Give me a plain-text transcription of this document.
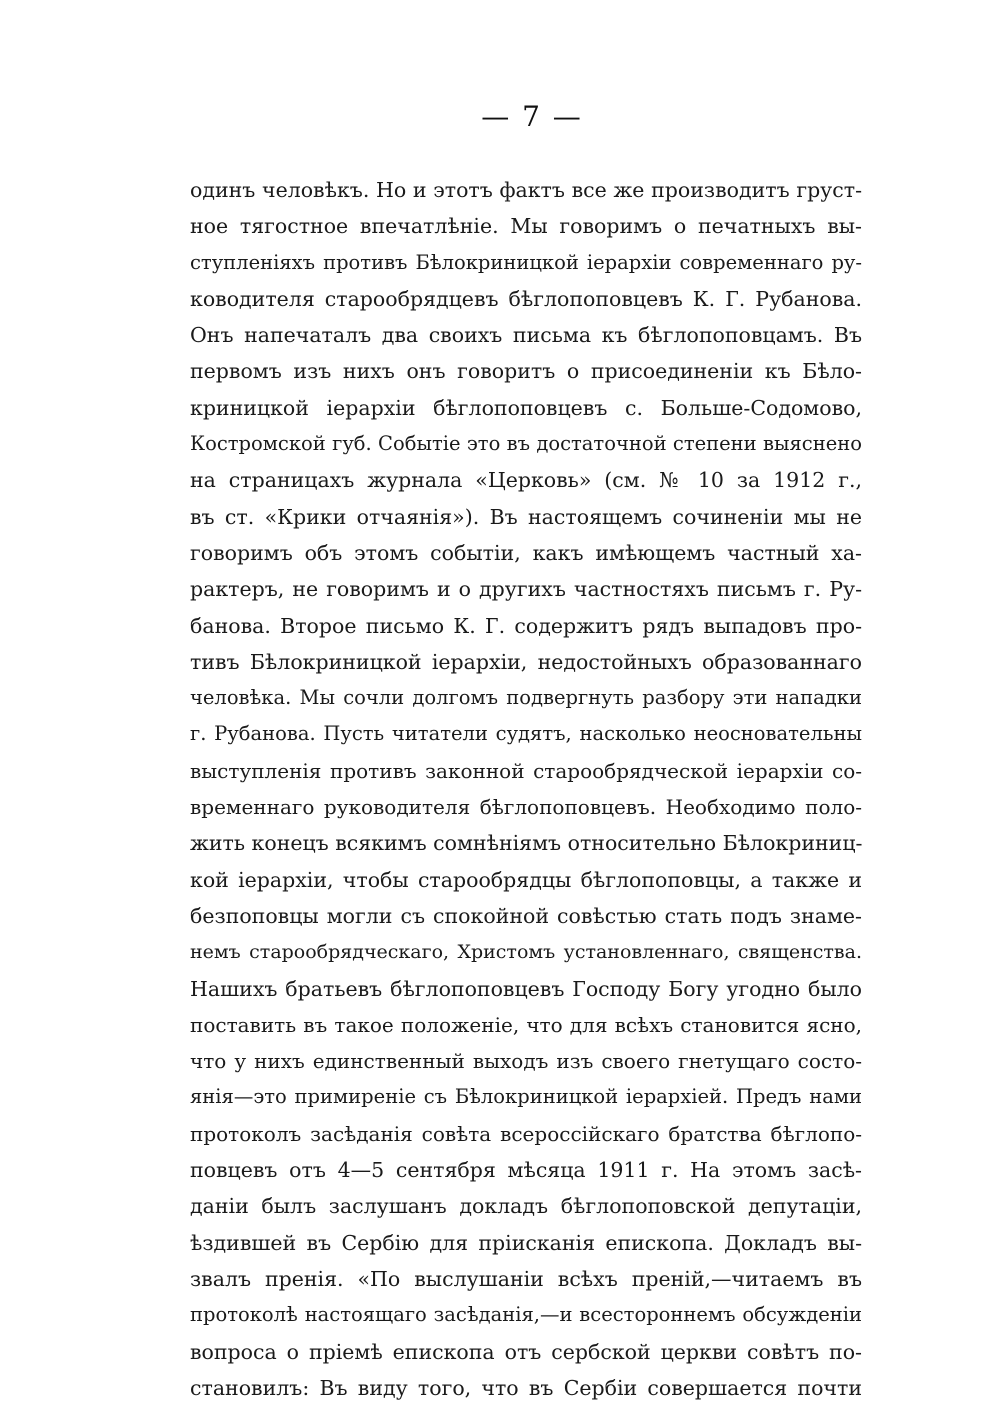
— 7 —
одинъ человѣкъ. Но и этотъ фактъ все же производитъ груст-
ное тягостное впечатлѣніе. Мы говоримъ о печатныхъ вы-
ступленіяхъ противъ Бѣлокриницкой іерархіи современнаго ру-
ководителя старообрядцевъ бѣглопоповцевъ К. Г. Рубанова.
Онъ напечаталъ два своихъ письма къ бѣглопоповцамъ. Въ
первомъ изъ нихъ онъ говоритъ о присоединеніи къ Бѣло-
криницкой іерархіи бѣглопоповцевъ с. Больше-Содомово,
Костромской губ. Событіе это въ достаточной степени выяснено
на страницахъ журнала «Церковь» (см. № 10 за 1912 г.,
въ ст. «Крики отчаянія»). Въ настоящемъ сочиненіи мы не
говоримъ объ этомъ событіи, какъ имѣющемъ частный ха-
рактеръ, не говоримъ и о другихъ частностяхъ письмъ г. Ру-
банова. Второе письмо К. Г. содержитъ рядъ выпадовъ про-
тивъ Бѣлокриницкой іерархіи, недостойныхъ образованнаго
человѣка. Мы сочли долгомъ подвергнуть разбору эти нападки
г. Рубанова. Пусть читатели судятъ, насколько неосновательны
выступленія противъ законной старообрядческой іерархіи со-
временнаго руководителя бѣглопоповцевъ. Необходимо поло-
жить конецъ всякимъ сомнѣніямъ относительно Бѣлокриниц-
кой іерархіи, чтобы старообрядцы бѣглопоповцы, а также и
безпоповцы могли съ спокойной совѣстью стать подъ знаме-
немъ старообрядческаго, Христомъ установленнаго, священства.
Нашихъ братьевъ бѣглопоповцевъ Господу Богу угодно было
поставить въ такое положеніе, что для всѣхъ становится ясно,
что у нихъ единственный выходъ изъ своего гнетущаго состо-
янія—это примиреніе съ Бѣлокриницкой іерархіей. Предъ нами
протоколъ засѣданія совѣта всероссійскаго братства бѣглопо-
повцевъ отъ 4—5 сентября мѣсяца 1911 г. На этомъ засѣ-
даніи былъ заслушанъ докладъ бѣглопоповской депутаціи,
ѣздившей въ Сербію для пріисканія епископа. Докладъ вы-
звалъ пренія. «По выслушаніи всѣхъ преній,—читаемъ въ
протоколѣ настоящаго засѣданія,—и всестороннемъ обсужденіи
вопроса о пріемѣ епископа отъ сербской церкви совѣтъ по-
становилъ: Въ виду того, что въ Сербіи совершается почти
